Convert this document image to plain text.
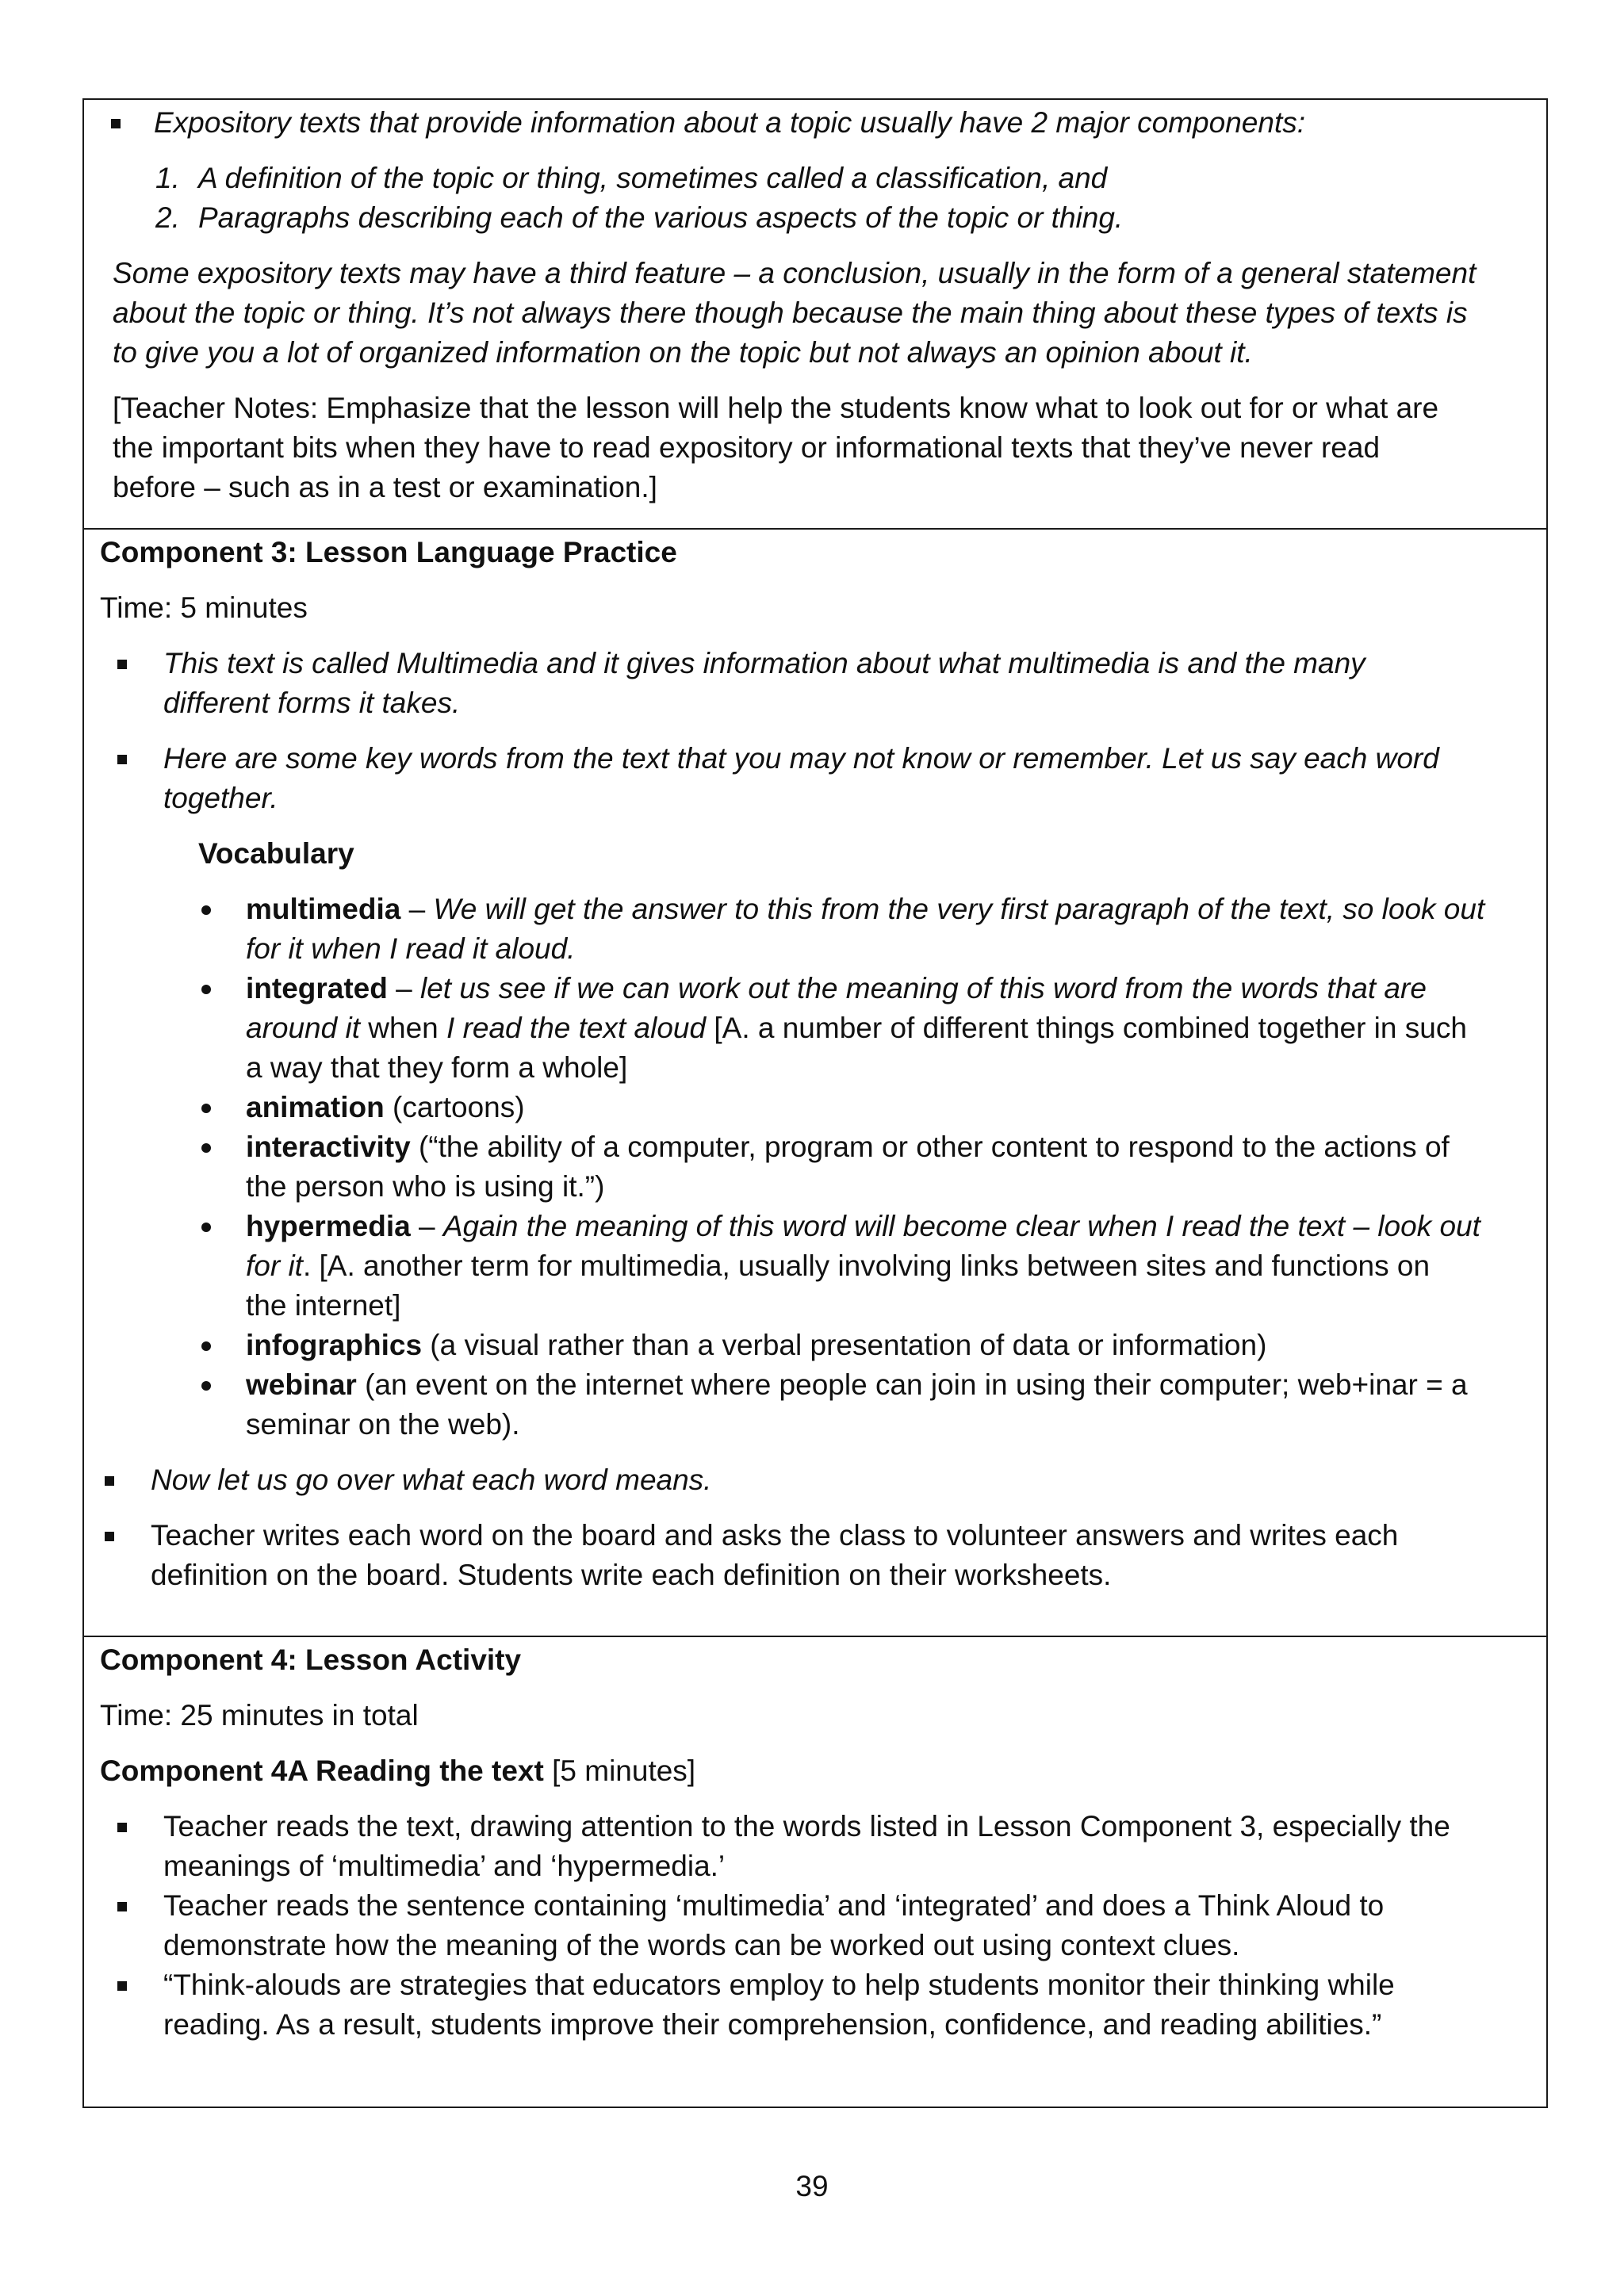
Expository texts that provide information about a topic usually have 2 major components:

1. A definition of the topic or thing, sometimes called a classification, and

2. Paragraphs describing each of the various aspects of the topic or thing.

Some expository texts may have a third feature – a conclusion, usually in the form of a general statement

about the topic or thing. It’s not always there though because the main thing about these types of texts is

to give you a lot of organized information on the topic but not always an opinion about it.

[Teacher Notes: Emphasize that the lesson will help the students know what to look out for or what are

the important bits when they have to read expository or informational texts that they’ve never read

before – such as in a test or examination.]

Component 3: Lesson Language Practice

Time: 5 minutes

This text is called Multimedia and it gives information about what multimedia is and the many

different forms it takes.

Here are some key words from the text that you may not know or remember. Let us say each word

together.

Vocabulary

multimedia – We will get the answer to this from the very first paragraph of the text, so look out

for it when I read it aloud.

integrated – let us see if we can work out the meaning of this word from the words that are

around it when I read the text aloud [A. a number of different things combined together in such

a way that they form a whole]

animation (cartoons)

interactivity (“the ability of a computer, program or other content to respond to the actions of

the person who is using it.”)

hypermedia – Again the meaning of this word will become clear when I read the text – look out

for it. [A. another term for multimedia, usually involving links between sites and functions on

the internet]

infographics (a visual rather than a verbal presentation of data or information)

webinar (an event on the internet where people can join in using their computer; web+inar = a

seminar on the web).

Now let us go over what each word means.

Teacher writes each word on the board and asks the class to volunteer answers and writes each

definition on the board. Students write each definition on their worksheets.

Component 4: Lesson Activity

Time: 25 minutes in total

Component 4A Reading the text [5 minutes]

Teacher reads the text, drawing attention to the words listed in Lesson Component 3, especially the

meanings of ‘multimedia’ and ‘hypermedia.’

Teacher reads the sentence containing ‘multimedia’ and ‘integrated’ and does a Think Aloud to

demonstrate how the meaning of the words can be worked out using context clues.

“Think-alouds are strategies that educators employ to help students monitor their thinking while

reading. As a result, students improve their comprehension, confidence, and reading abilities.”

39
